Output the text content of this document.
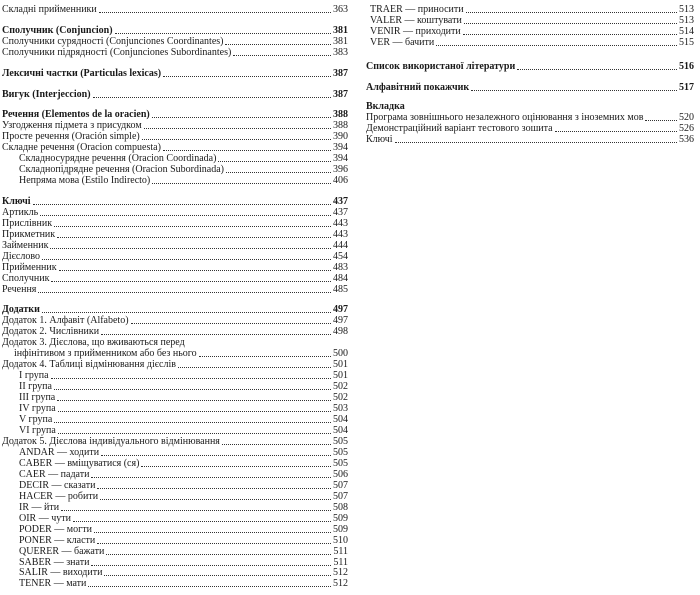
Складні прийменники	363
Сполучник (Conjuncion)	381
Сполучники сурядності (Conjunciones Coordinantes)	381
Сполучники підрядності (Conjunciones Subordinantes)	383
Лексичні частки (Particulas lexicas)	387
Вигук (Interjeccion)	387
Речення (Elementos de la oracien)	388
Узгодження підмета з присудком	388
Просте речення (Oración simple)	390
Складне речення (Oracion compuesta)	394
Складносурядне речення (Oracion Coordinada)	394
Складнопідрядне речення (Oracion Subordinada)	396
Непряма мова (Estilo Indirecto)	406
Ключі	437
Артикль	437
Прислівник	443
Прикметник	443
Займенник	444
Дієслово	454
Прийменник	483
Сполучник	484
Речення	485
Додатки	497
Додаток 1. Алфавіт (Alfabeto)	497
Додаток 2. Числівники	498
Додаток 3. Дієслова, що вживаються перед
інфінітивом з прийменником або без нього	500
Додаток 4. Таблиці відмінювання дієслів	501
I група	501
II група	502
III група	502
IV група	503
V група	504
VI група	504
Додаток 5. Дієслова індивідуального відмінювання	505
ANDAR — ходити	505
CABER — вміщуватися (ся)	505
CAER — падати	506
DECIR — сказати	507
HACER — робити	507
IR — йти	508
OIR — чути	509
PODER — могти	509
PONER — класти	510
QUERER — бажати	511
SABER — знати	511
SALIR — виходити	512
TENER — мати	512
TRAER — приносити	513
VALER — коштувати	513
VENIR — приходити	514
VER — бачити	515
Список використаної літератури	516
Алфавітний покажчик	517
Вкладка
Програма зовнішнього незалежного оцінювання з іноземних мов	520
Демонстраційний варіант тестового зошита	526
Ключі	536
